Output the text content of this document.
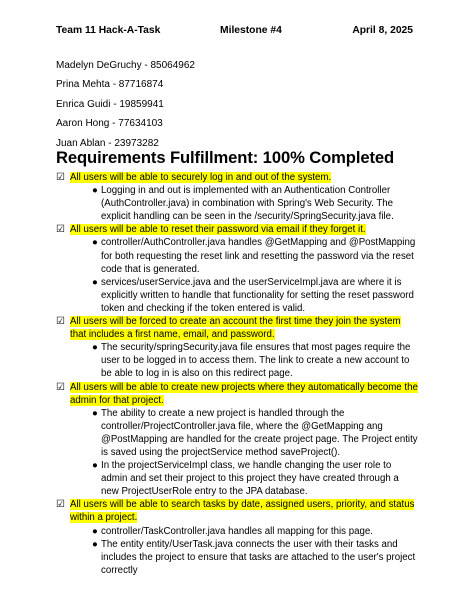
Team 11 Hack-A-Task	Milestone #4	April 8, 2025
Madelyn DeGruchy - 85064962
Prina Mehta - 87716874
Enrica Guidi - 19859941
Aaron Hong - 77634103
Juan Ablan - 23973282
Requirements Fulfillment: 100% Completed
☑ All users will be able to securely log in and out of the system.
● Logging in and out is implemented with an Authentication Controller (AuthController.java) in combination with Spring's Web Security. The explicit handling can be seen in the /security/SpringSecurity.java file.
☑ All users will be able to reset their password via email if they forget it.
● controller/AuthController.java handles @GetMapping and @PostMapping for both requesting the reset link and resetting the password via the reset code that is generated.
● services/userService.java and the userServiceImpl.java are where it is explicitly written to handle that functionality for setting the reset password token and checking if the token entered is valid.
☑ All users will be forced to create an account the first time they join the system that includes a first name, email, and password.
● The security/springSecurity.java file ensures that most pages require the user to be logged in to access them. The link to create a new account to be able to log in is also on this redirect page.
☑ All users will be able to create new projects where they automatically become the admin for that project.
● The ability to create a new project is handled through the controller/ProjectController.java file, where the @GetMapping ang @PostMapping are handled for the create project page. The Project entity is saved using the projectService method saveProject().
● In the projectServiceImpl class, we handle changing the user role to admin and set their project to this project they have created through a new ProjectUserRole entry to the JPA database.
☑ All users will be able to search tasks by date, assigned users, priority, and status within a project.
● controller/TaskController.java handles all mapping for this page.
● The entity entity/UserTask.java connects the user with their tasks and includes the project to ensure that tasks are attached to the user's project correctly
